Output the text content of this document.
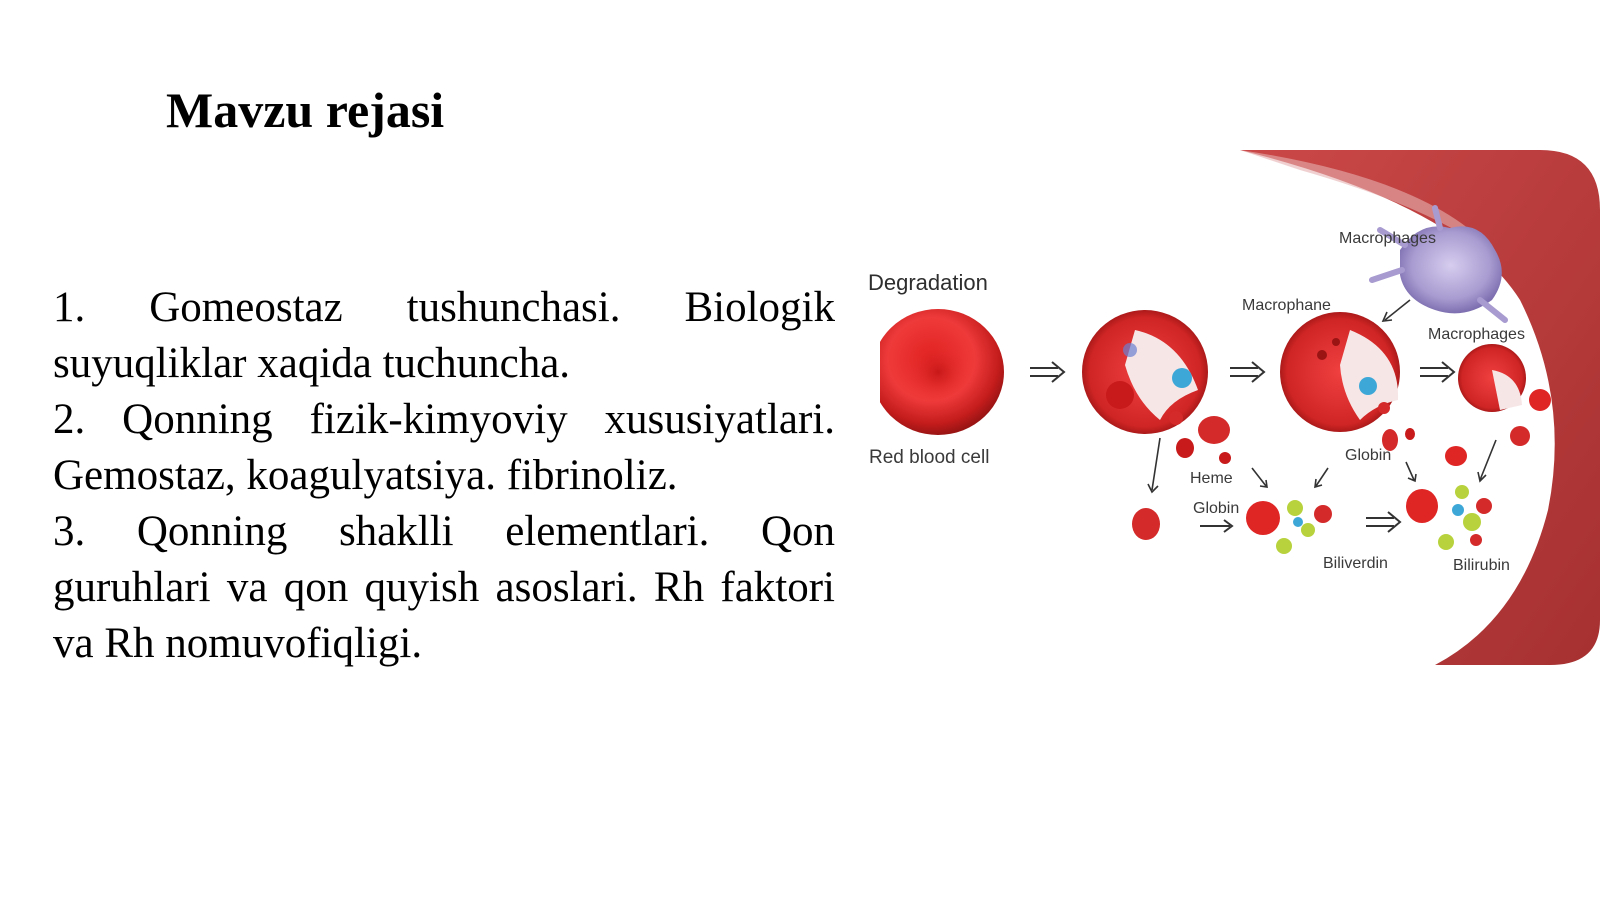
Mavzu rejasi

1. Gomeostaz tushunchasi. Biologik suyuqliklar xaqida tuchuncha.

2. Qonning fizik-kimyoviy xususiyatlari. Gemostaz, koagulyatsiya. fibrinoliz.

3. Qonning shaklli elementlari. Qon guruhlari va qon quyish asoslari. Rh faktori va Rh nomuvofiqligi.

Degradation
Red blood cell
Macrophages
Macrophane
Macrophages
Heme
Globin
Globin
Biliverdin	Bilirubin
